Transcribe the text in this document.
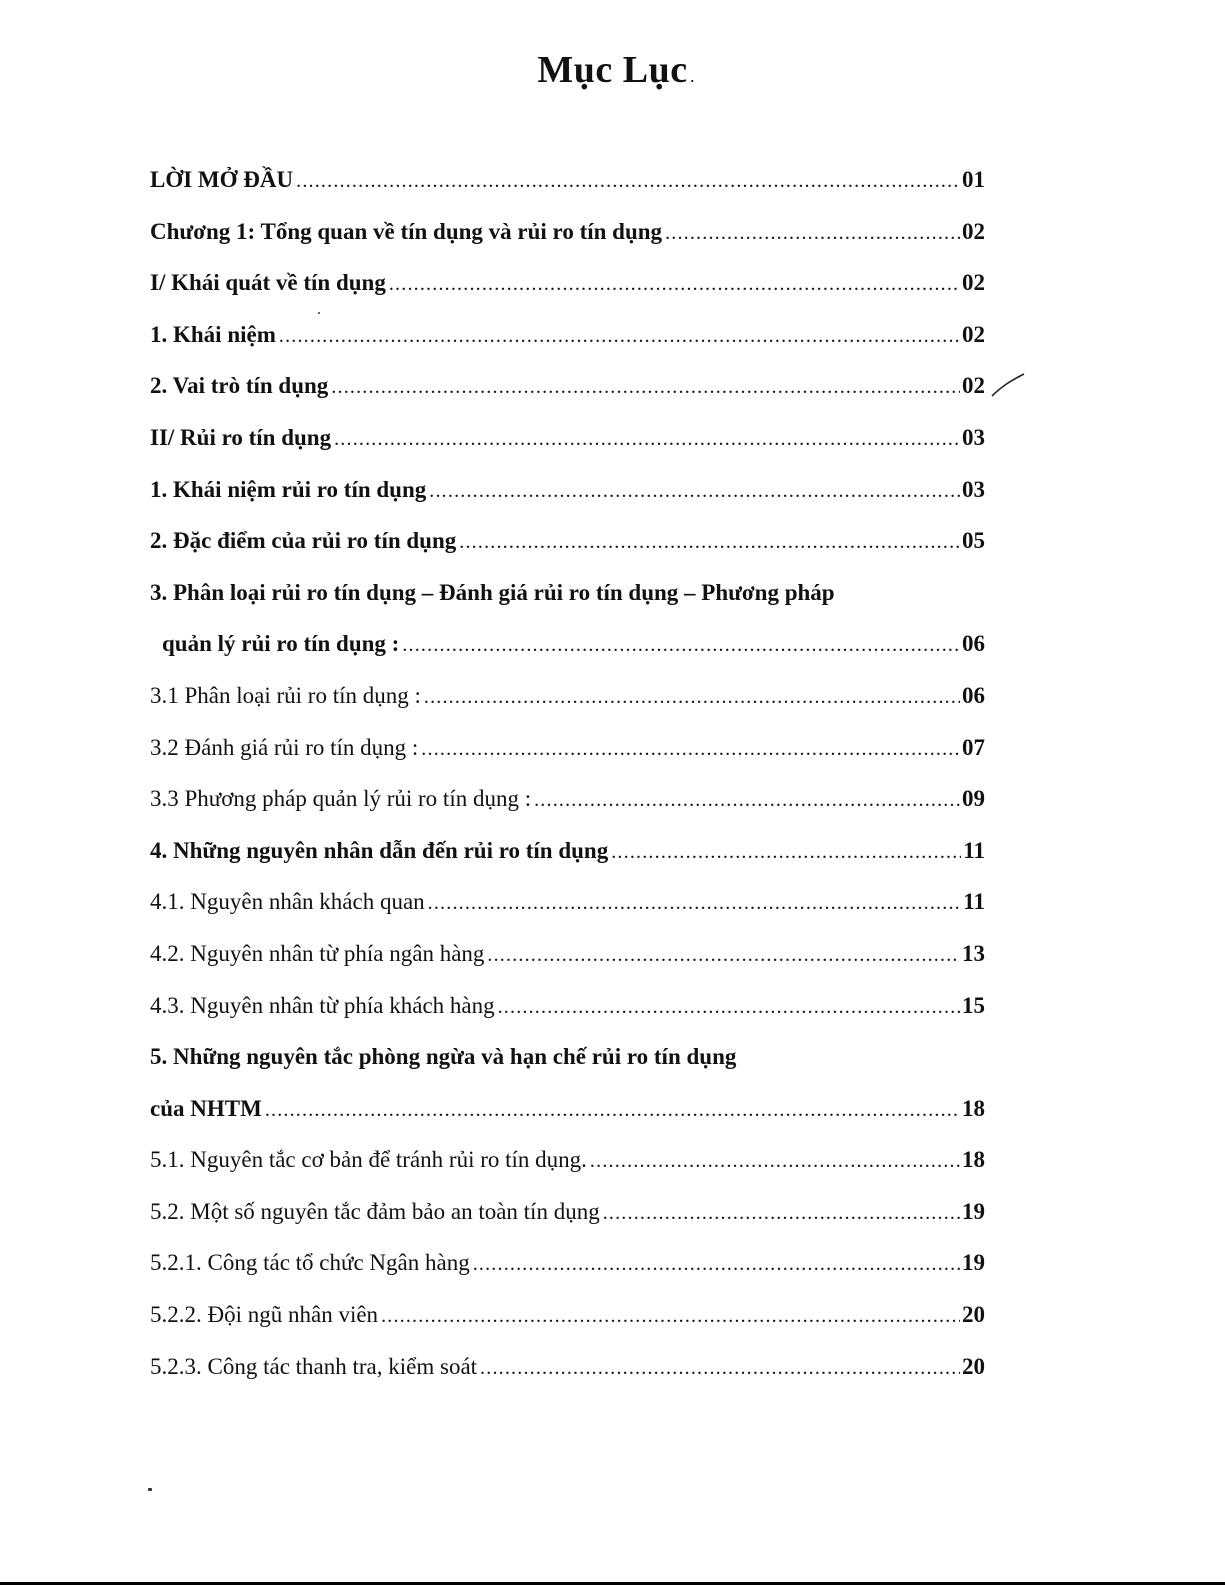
Mục Lục .
LỜI MỞ ĐẦU .....	01
Chương 1: Tổng quan về tín dụng và rủi ro tín dụng .....	02
I/ Khái quát về tín dụng .....	02
1. Khái niệm .....	02
2. Vai trò tín dụng .....	02
II/ Rủi ro tín dụng .....	03
1. Khái niệm rủi ro tín dụng .....	03
2. Đặc điểm của rủi ro tín dụng .....	05
3. Phân loại rủi ro tín dụng – Đánh giá rủi ro tín dụng – Phương pháp
quản lý rủi ro tín dụng : .....	06
3.1 Phân loại rủi ro tín dụng : .....	06
3.2 Đánh giá rủi ro tín dụng : .....	07
3.3 Phương pháp quản lý rủi ro tín dụng : .....	09
4. Những nguyên nhân dẫn đến rủi ro tín dụng .....	11
4.1. Nguyên nhân khách quan .....	11
4.2. Nguyên nhân từ phía ngân hàng .....	13
4.3. Nguyên nhân từ phía khách hàng .....	15
5. Những nguyên tắc phòng ngừa và hạn chế rủi ro tín dụng
của NHTM .....	18
5.1. Nguyên tắc cơ bản để tránh rủi ro tín dụng. .....	18
5.2. Một số nguyên tắc đảm bảo an toàn tín dụng .....	19
5.2.1. Công tác tổ chức Ngân hàng .....	19
5.2.2. Đội ngũ nhân viên .....	20
5.2.3. Công tác thanh tra, kiểm soát .....	20
